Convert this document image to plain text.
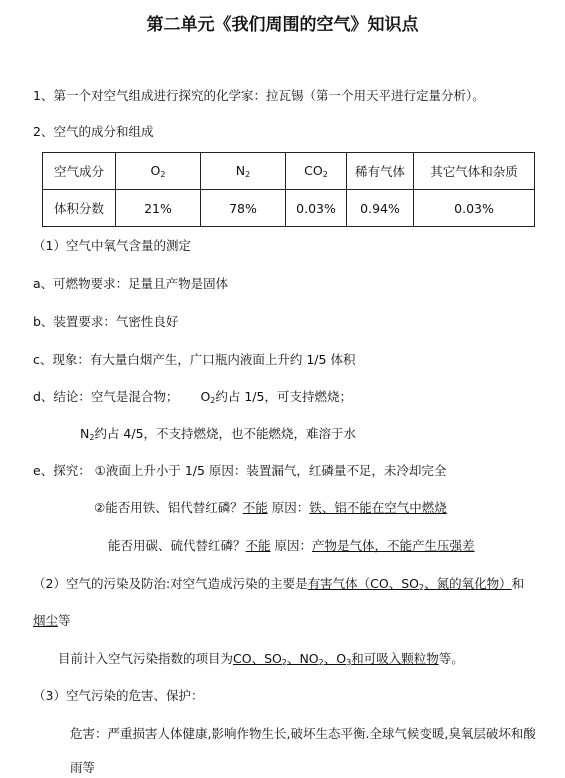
第二单元《我们周围的空气》知识点
1、第一个对空气组成进行探究的化学家：拉瓦锡（第一个用天平进行定量分析）。
2、空气的成分和组成
空气成分	$O_2$	$N_2$	$CO_2$	稀有气体	其它气体和杂质
体积分数	21%	78%	0.03%	0.94%	0.03%
（1）空气中氧气含量的测定
a、可燃物要求：足量且产物是固体
b、装置要求：气密性良好
c、现象：有大量白烟产生，广口瓶内液面上升约 1/5 体积
d、结论：空气是混合物； $O_2$约占 1/5，可支持燃烧；
$N_2$约占 4/5，不支持燃烧，也不能燃烧，难溶于水
e、探究： ①液面上升小于 1/5 原因：装置漏气，红磷量不足，未冷却完全
②能否用铁、铝代替红磷？不能 原因：铁、铝不能在空气中燃烧
能否用碳、硫代替红磷？不能 原因：产物是气体，不能产生压强差
（2）空气的污染及防治:对空气造成污染的主要是有害气体（CO、$SO_2$、氮的氧化物）和
烟尘等
目前计入空气污染指数的项目为CO、$SO_2$、$NO_2$、$O_3$和可吸入颗粒物等。
（3）空气污染的危害、保护：
危害：严重损害人体健康,影响作物生长,破坏生态平衡.全球气候变暖,臭氧层破坏和酸
雨等
